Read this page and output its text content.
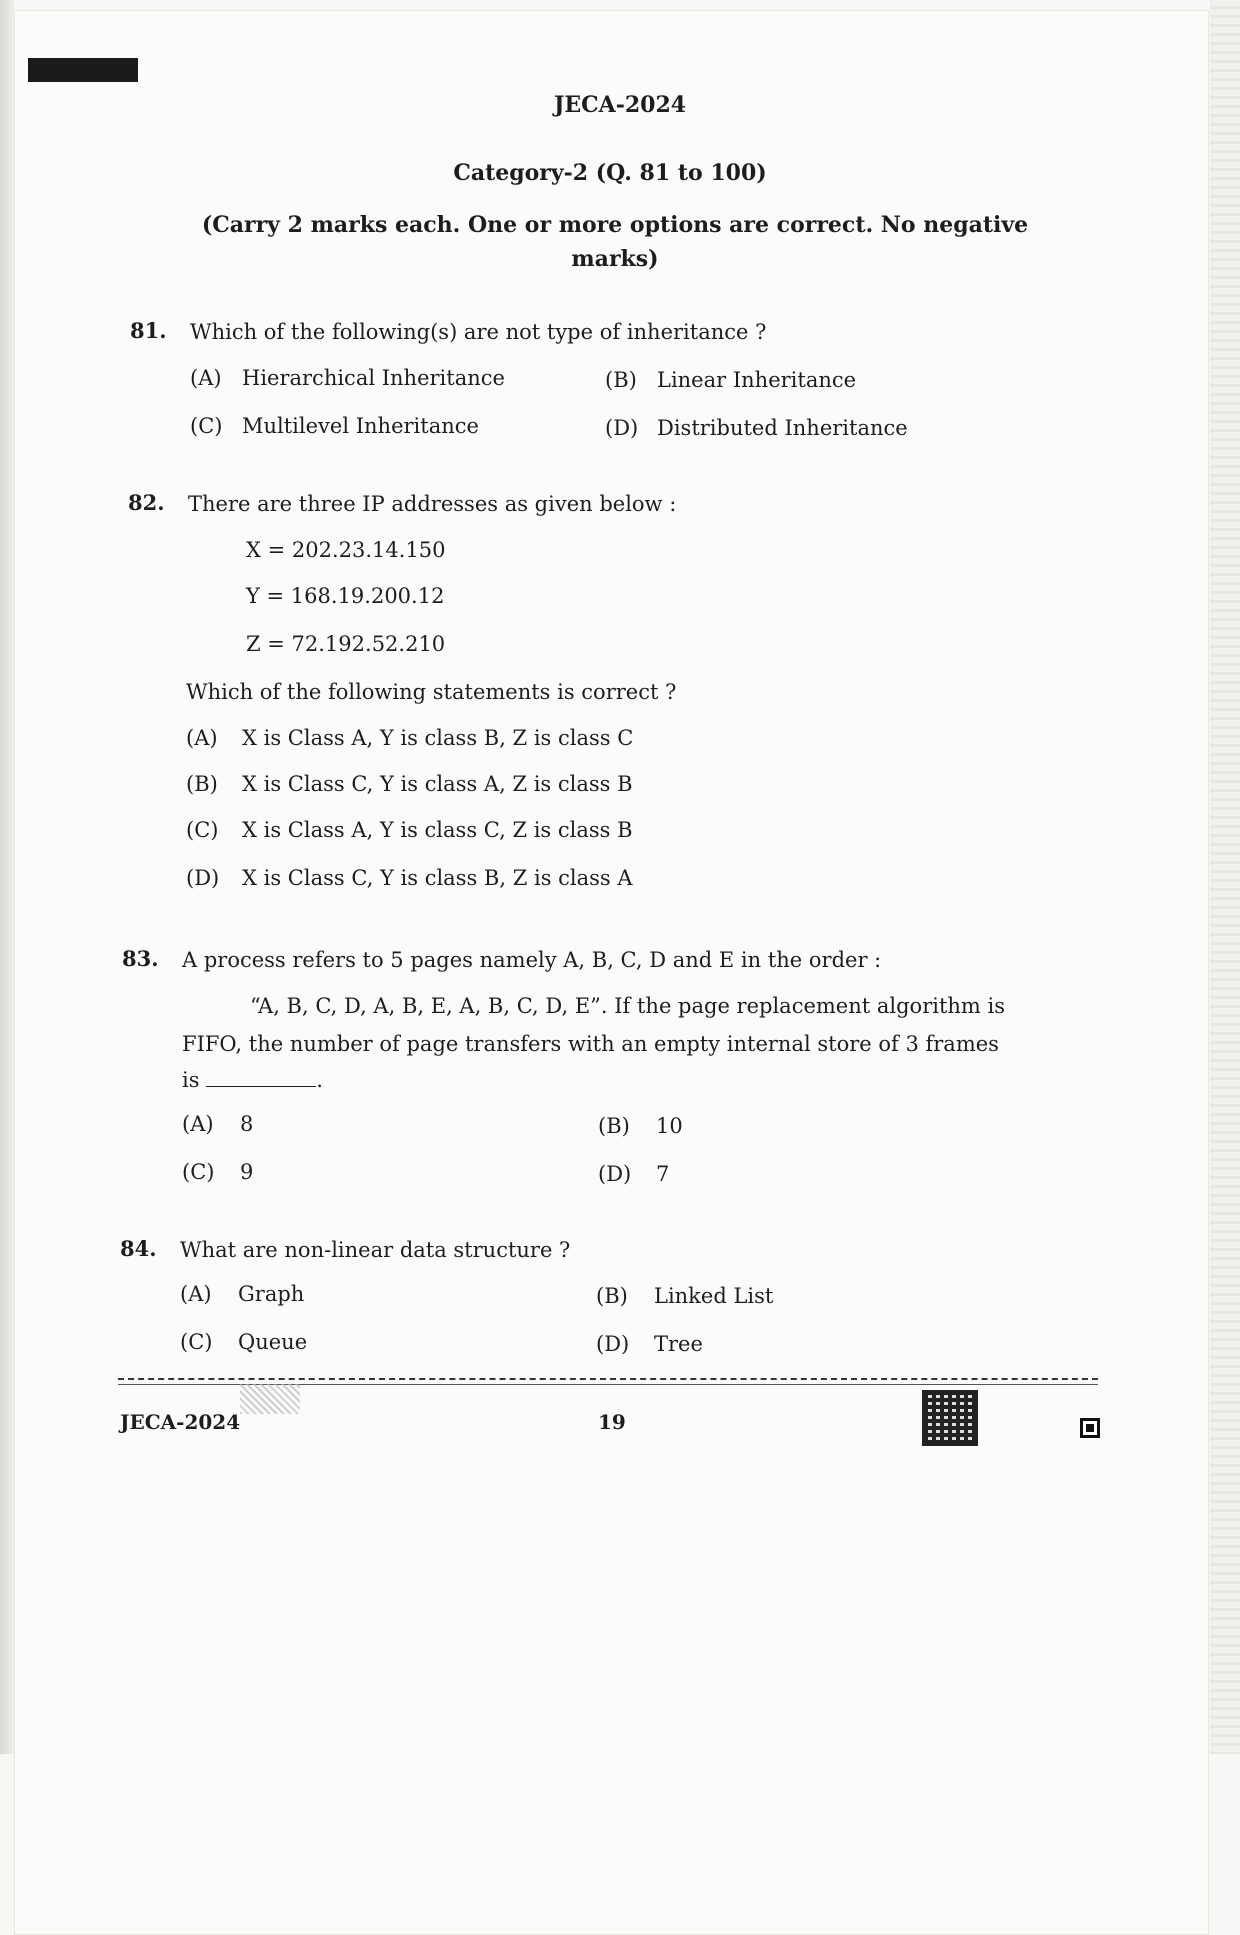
JECA-2024
Category-2 (Q. 81 to 100)
(Carry 2 marks each. One or more options are correct. No negative marks)
81. Which of the following(s) are not type of inheritance ?
(A) Hierarchical Inheritance	(B) Linear Inheritance
(C) Multilevel Inheritance	(D) Distributed Inheritance
82. There are three IP addresses as given below :
X = 202.23.14.150
Y = 168.19.200.12
Z = 72.192.52.210
Which of the following statements is correct ?
(A) X is Class A, Y is class B, Z is class C
(B) X is Class C, Y is class A, Z is class B
(C) X is Class A, Y is class C, Z is class B
(D) X is Class C, Y is class B, Z is class A
83. A process refers to 5 pages namely A, B, C, D and E in the order :
“A, B, C, D, A, B, E, A, B, C, D, E”. If the page replacement algorithm is
FIFO, the number of page transfers with an empty internal store of 3 frames
is	.
(A) 8	(B) 10
(C) 9	(D) 7
84. What are non-linear data structure ?
(A) Graph	(B) Linked List
(C) Queue	(D) Tree
JECA-2024	19
